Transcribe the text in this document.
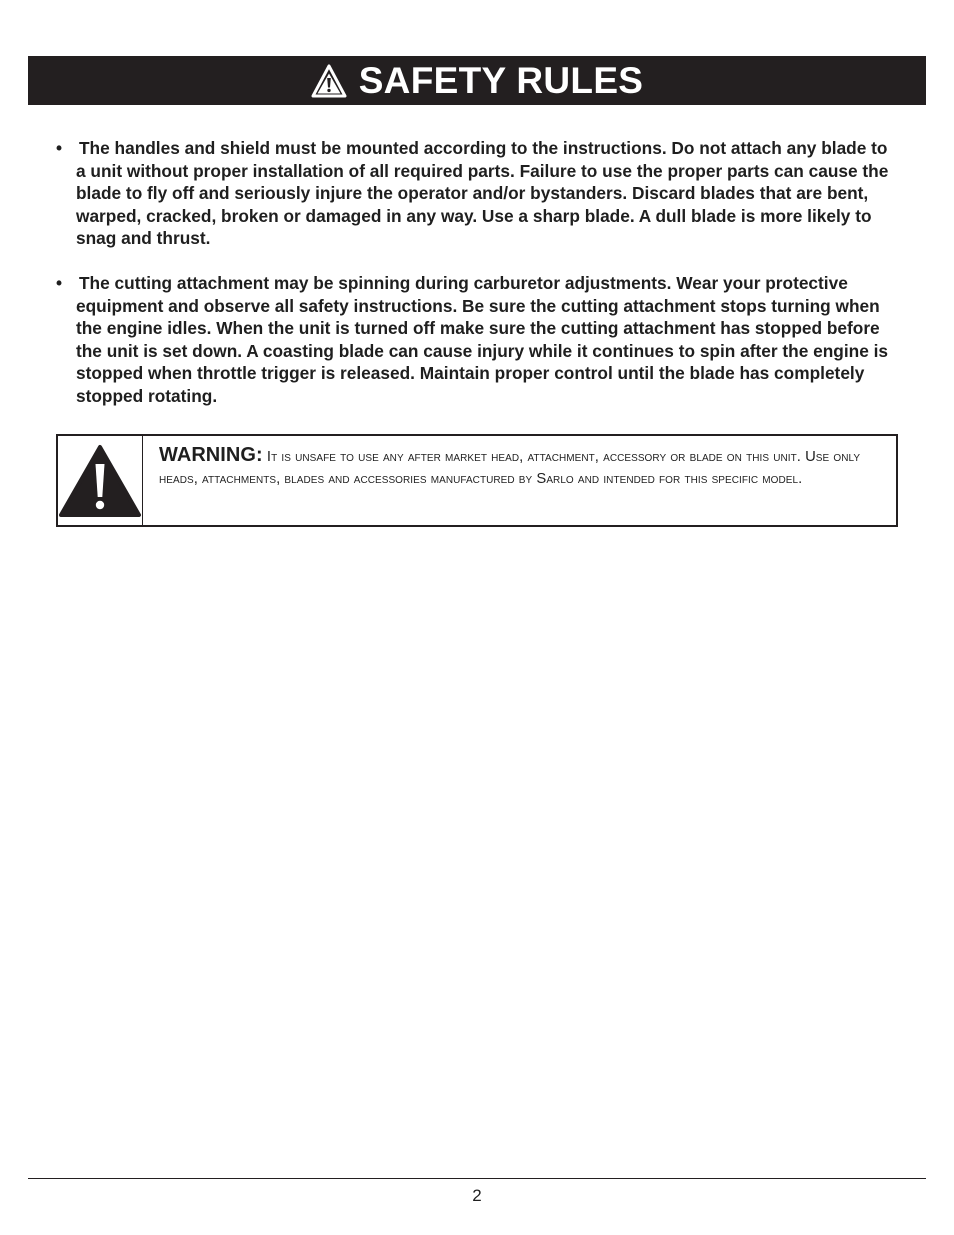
SAFETY RULES
• The handles and shield must be mounted according to the instructions. Do not attach any blade to a unit without proper installation of all required parts. Failure to use the proper parts can cause the blade to fly off and seriously injure the operator and/or bystanders. Discard blades that are bent, warped, cracked, broken or damaged in any way. Use a sharp blade. A dull blade is more likely to snag and thrust.
• The cutting attachment may be spinning during carburetor adjustments. Wear your protective equipment and observe all safety instructions. Be sure the cutting attachment stops turning when the engine idles. When the unit is turned off make sure the cutting attachment has stopped before the unit is set down. A coasting blade can cause injury while it continues to spin after the engine is stopped when throttle trigger is released. Maintain proper control until the blade has completely stopped rotating.
WARNING: It is unsafe to use any after market head, attachment, accessory or blade on this unit. Use only heads, attachments, blades and accessories manufactured by Sarlo and intended for this specific model.
2
